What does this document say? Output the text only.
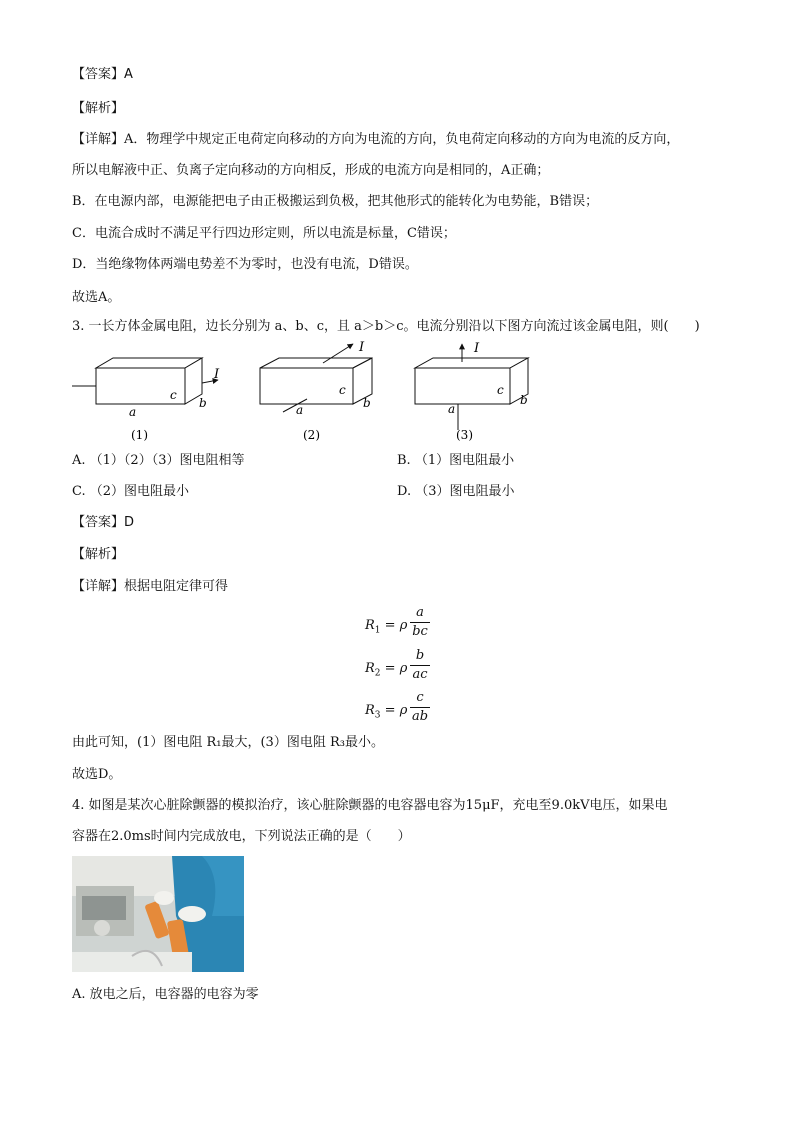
【答案】A
【解析】
【详解】A．物理学中规定正电荷定向移动的方向为电流的方向，负电荷定向移动的方向为电流的反方向，
所以电解液中正、负离子定向移动的方向相反，形成的电流方向是相同的，A正确；
B．在电源内部，电源能把电子由正极搬运到负极，把其他形式的能转化为电势能，B错误；
C．电流合成时不满足平行四边形定则，所以电流是标量，C错误；
D．当绝缘物体两端电势差不为零时，也没有电流，D错误。
故选A。
3. 一长方体金属电阻，边长分别为 a、b、c，且 a＞b＞c。电流分别沿以下图方向流过该金属电阻，则(　　)
I
c
b
a
(1)
I
c
b
a
(2)
I
c
b
a
(3)
A. （1）（2）（3）图电阻相等	B. （1）图电阻最小
C. （2）图电阻最小	D. （3）图电阻最小
【答案】D
【解析】
【详解】根据电阻定律可得
$R_1 = \rho$
a
bc
$R_2 = \rho$
b
ac
$R_3 = \rho$
c
ab
由此可知，(1）图电阻 R₁最大，(3）图电阻 R₃最小。
故选D。
4. 如图是某次心脏除颤器的模拟治疗，该心脏除颤器的电容器电容为15μF，充电至9.0kV电压，如果电
容器在2.0ms时间内完成放电，下列说法正确的是（　　）
A. 放电之后，电容器的电容为零
